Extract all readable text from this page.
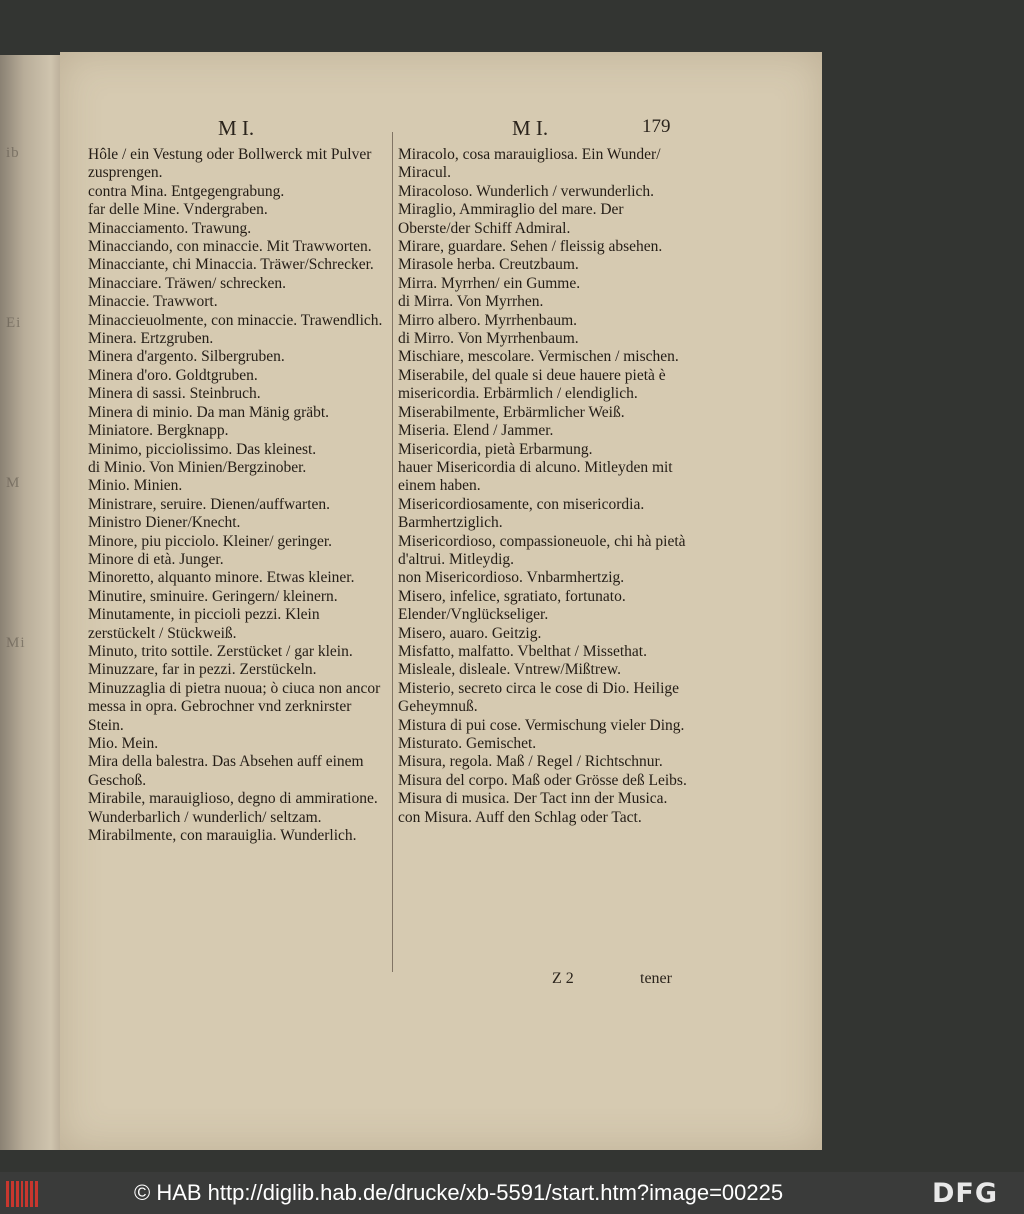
ib
Ei
M
Mi
M I.	M I.	179

Hôle / ein Vestung oder Bollwerck mit Pulver zusprengen.

contra Mina. Entgegengrabung.

far delle Mine. Vndergraben.

Minacciamento. Trawung.

Minacciando, con minaccie. Mit Trawworten.

Minacciante, chi Minaccia. Träwer/Schrecker.

Minacciare. Träwen/ schrecken.

Minaccie. Trawwort.

Minaccieuolmente, con minaccie. Trawendlich.

Minera. Ertzgruben.

Minera d'argento. Silbergruben.

Minera d'oro. Goldtgruben.

Minera di sassi. Steinbruch.

Minera di minio. Da man Mänig gräbt.

Miniatore. Bergknapp.

Minimo, picciolissimo. Das kleinest.

di Minio. Von Minien/Bergzinober.

Minio. Minien.

Ministrare, seruire. Dienen/auffwarten.

Ministro Diener/Knecht.

Minore, piu picciolo. Kleiner/ geringer.

Minore di età. Junger.

Minoretto, alquanto minore. Etwas kleiner.

Minutire, sminuire. Geringern/ kleinern.

Minutamente, in piccioli pezzi. Klein zerstückelt / Stückweiß.

Minuto, trito sottile. Zerstücket / gar klein.

Minuzzare, far in pezzi. Zerstückeln.

Minuzzaglia di pietra nuoua; ò ciuca non ancor messa in opra. Gebrochner vnd zerknirster Stein.

Mio. Mein.

Mira della balestra. Das Absehen auff einem Geschoß.

Mirabile, marauiglioso, degno di ammiratione. Wunderbarlich / wunderlich/ seltzam.

Mirabilmente, con marauiglia. Wunderlich.

Miracolo, cosa marauigliosa. Ein Wunder/ Miracul.

Miracoloso. Wunderlich / verwunderlich.

Miraglio, Ammiraglio del mare. Der Oberste/der Schiff Admiral.

Mirare, guardare. Sehen / fleissig absehen.

Mirasole herba. Creutzbaum.

Mirra. Myrrhen/ ein Gumme.

di Mirra. Von Myrrhen.

Mirro albero. Myrrhenbaum.

di Mirro. Von Myrrhenbaum.

Mischiare, mescolare. Vermischen / mischen.

Miserabile, del quale si deue hauere pietà è misericordia. Erbärmlich / elendiglich.

Miserabilmente, Erbärmlicher Weiß.

Miseria. Elend / Jammer.

Misericordia, pietà Erbarmung.

hauer Misericordia di alcuno. Mitleyden mit einem haben.

Misericordiosamente, con misericordia. Barmhertziglich.

Misericordioso, compassioneuole, chi hà pietà d'altrui. Mitleydig.

non Misericordioso. Vnbarmhertzig.

Misero, infelice, sgratiato, fortunato. Elender/Vnglückseliger.

Misero, auaro. Geitzig.

Misfatto, malfatto. Vbelthat / Missethat.

Misleale, disleale. Vntrew/Mißtrew.

Misterio, secreto circa le cose di Dio. Heilige Geheymnuß.

Mistura di pui cose. Vermischung vieler Ding.

Misturato. Gemischet.

Misura, regola. Maß / Regel / Richtschnur.

Misura del corpo. Maß oder Grösse deß Leibs.

Misura di musica. Der Tact inn der Musica.

con Misura. Auff den Schlag oder Tact.

Z 2	tener
© HAB http://diglib.hab.de/drucke/xb-5591/start.htm?image=00225	DFG
